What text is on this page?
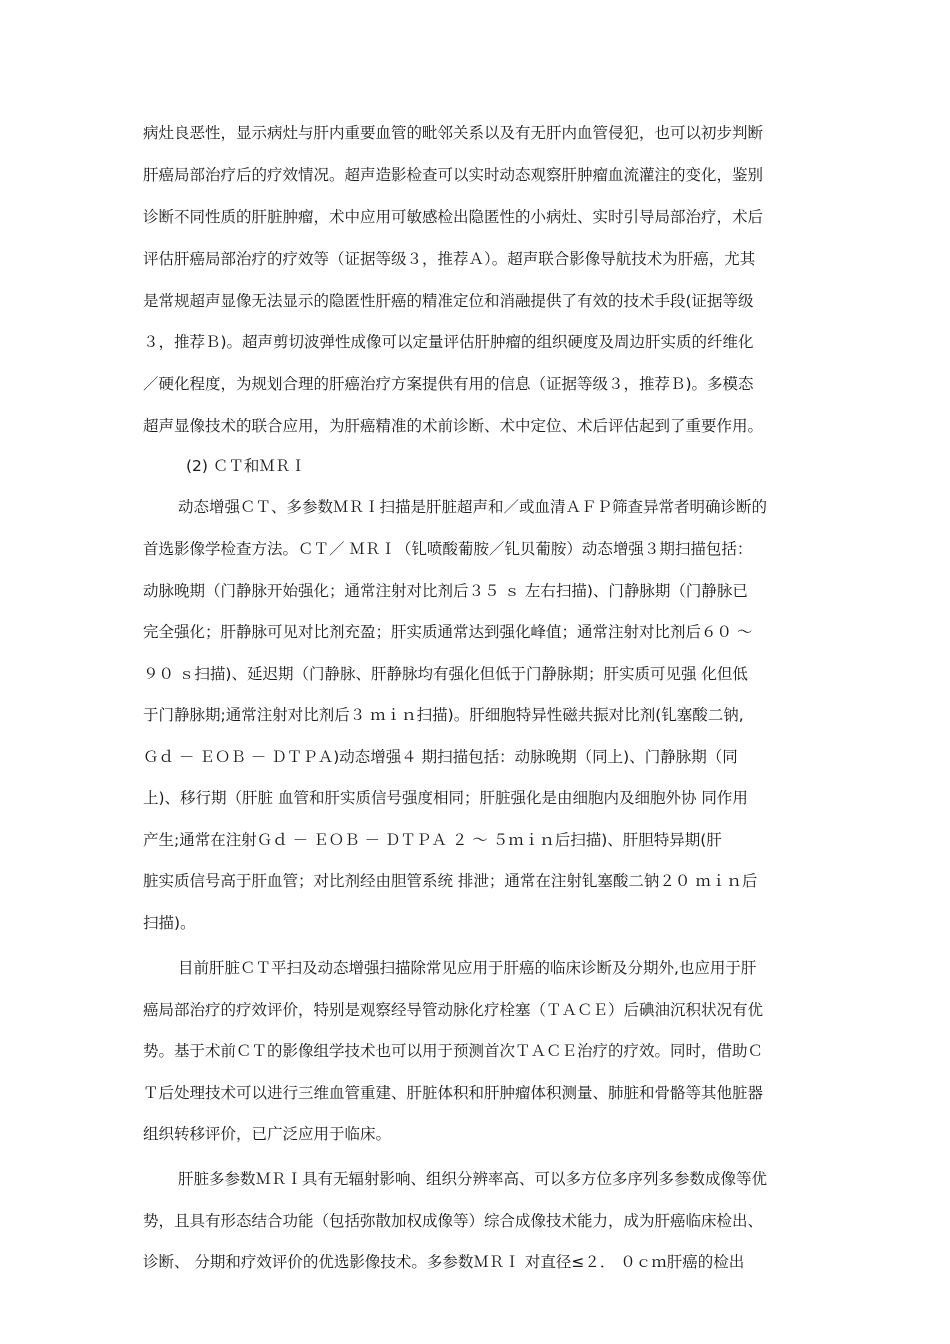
病灶良恶性，显示病灶与肝内重要血管的毗邻关系以及有无肝内血管侵犯，也可以初步判断
肝癌局部治疗后的疗效情况。超声造影检查可以实时动态观察肝肿瘤血流灌注的变化，鉴别
诊断不同性质的肝脏肿瘤，术中应用可敏感检出隐匿性的小病灶、实时引导局部治疗，术后
评估肝癌局部治疗的疗效等（证据等级３，推荐Ａ）。超声联合影像导航技术为肝癌，尤其
是常规超声显像无法显示的隐匿性肝癌的精准定位和消融提供了有效的技术手段(证据等级
３，推荐Ｂ)。超声剪切波弹性成像可以定量评估肝肿瘤的组织硬度及周边肝实质的纤维化
／硬化程度，为规划合理的肝癌治疗方案提供有用的信息（证据等级３，推荐Ｂ)。多模态
超声显像技术的联合应用，为肝癌精准的术前诊断、术中定位、术后评估起到了重要作用。
(2) ＣＴ和ＭＲＩ
动态增强ＣＴ、多参数ＭＲＩ扫描是肝脏超声和／或血清ＡＦＰ筛查异常者明确诊断的
首选影像学检查方法。ＣＴ／ ＭＲＩ（钆喷酸葡胺／钆贝葡胺）动态增强３期扫描包括：
动脉晚期（门静脉开始强化；通常注射对比剂后３５ ｓ 左右扫描)、门静脉期（门静脉已
完全强化；肝静脉可见对比剂充盈；肝实质通常达到强化峰值；通常注射对比剂后６０ ～
９０ ｓ扫描)、延迟期（门静脉、肝静脉均有强化但低于门静脉期；肝实质可见强 化但低
于门静脉期;通常注射对比剂后３ ｍｉｎ扫描)。肝细胞特异性磁共振对比剂(钆塞酸二钠,
Ｇｄ － ＥＯＢ － ＤＴＰＡ)动态增强４ 期扫描包括：动脉晚期（同上)、门静脉期（同
上)、移行期（肝脏 血管和肝实质信号强度相同；肝脏强化是由细胞内及细胞外协 同作用
产生;通常在注射Ｇｄ － ＥＯＢ － ＤＴＰＡ ２ ～ ５ｍｉｎ后扫描)、肝胆特异期(肝
脏实质信号高于肝血管；对比剂经由胆管系统 排泄；通常在注射钆塞酸二钠２０ ｍｉｎ后
扫描)。
目前肝脏ＣＴ平扫及动态增强扫描除常见应用于肝癌的临床诊断及分期外,也应用于肝
癌局部治疗的疗效评价，特别是观察经导管动脉化疗栓塞（ＴＡＣＥ）后碘油沉积状况有优
势。基于术前ＣＴ的影像组学技术也可以用于预测首次ＴＡＣＥ治疗的疗效。同时，借助Ｃ
Ｔ后处理技术可以进行三维血管重建、肝脏体积和肝肿瘤体积测量、肺脏和骨骼等其他脏器
组织转移评价，已广泛应用于临床。
肝脏多参数ＭＲＩ具有无辐射影响、组织分辨率高、可以多方位多序列多参数成像等优
势，且具有形态结合功能（包括弥散加权成像等）综合成像技术能力，成为肝癌临床检出、
诊断、 分期和疗效评价的优选影像技术。多参数ＭＲＩ 对直径≤２． ０ｃｍ肝癌的检出
